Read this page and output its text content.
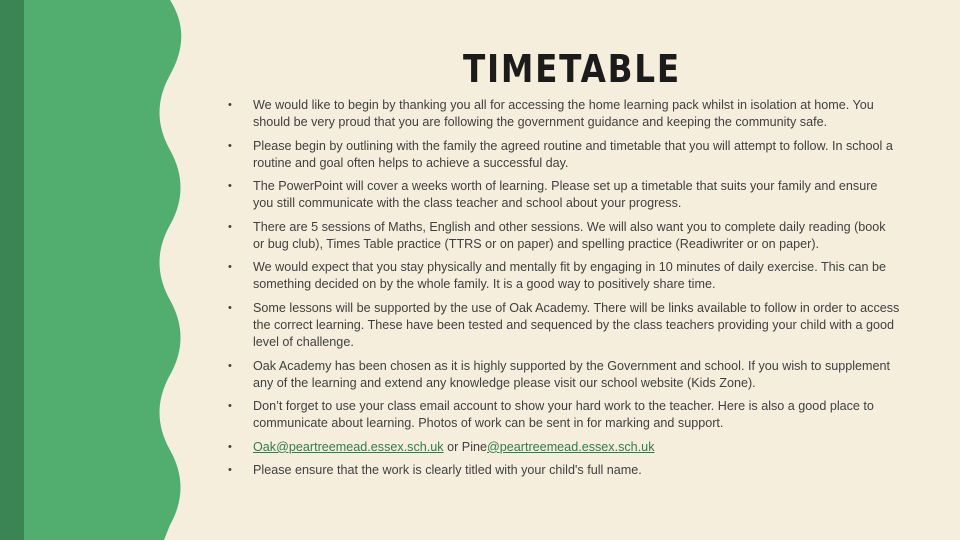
TIMETABLE
• We would like to begin by thanking you all for accessing the home learning pack whilst in isolation at home. You should be very proud that you are following the government guidance and keeping the community safe.
• Please begin by outlining with the family the agreed routine and timetable that you will attempt to follow. In school a routine and goal often helps to achieve a successful day.
• The PowerPoint will cover a weeks worth of learning. Please set up a timetable that suits your family and ensure you still communicate with the class teacher and school about your progress.
• There are 5 sessions of Maths, English and other sessions. We will also want you to complete daily reading (book or bug club), Times Table practice (TTRS or on paper) and spelling practice (Readiwriter or on paper).
• We would expect that you stay physically and mentally fit by engaging in 10 minutes of daily exercise. This can be something decided on by the whole family. It is a good way to positively share time.
• Some lessons will be supported by the use of Oak Academy. There will be links available to follow in order to access the correct learning. These have been tested and sequenced by the class teachers providing your child with a good level of challenge.
• Oak Academy has been chosen as it is highly supported by the Government and school. If you wish to supplement any of the learning and extend any knowledge please visit our school website (Kids Zone).
• Don’t forget to use your class email account to show your hard work to the teacher. Here is also a good place to communicate about learning. Photos of work can be sent in for marking and support.
• Oak@peartreemead.essex.sch.uk or Pine@peartreemead.essex.sch.uk
• Please ensure that the work is clearly titled with your child's full name.
